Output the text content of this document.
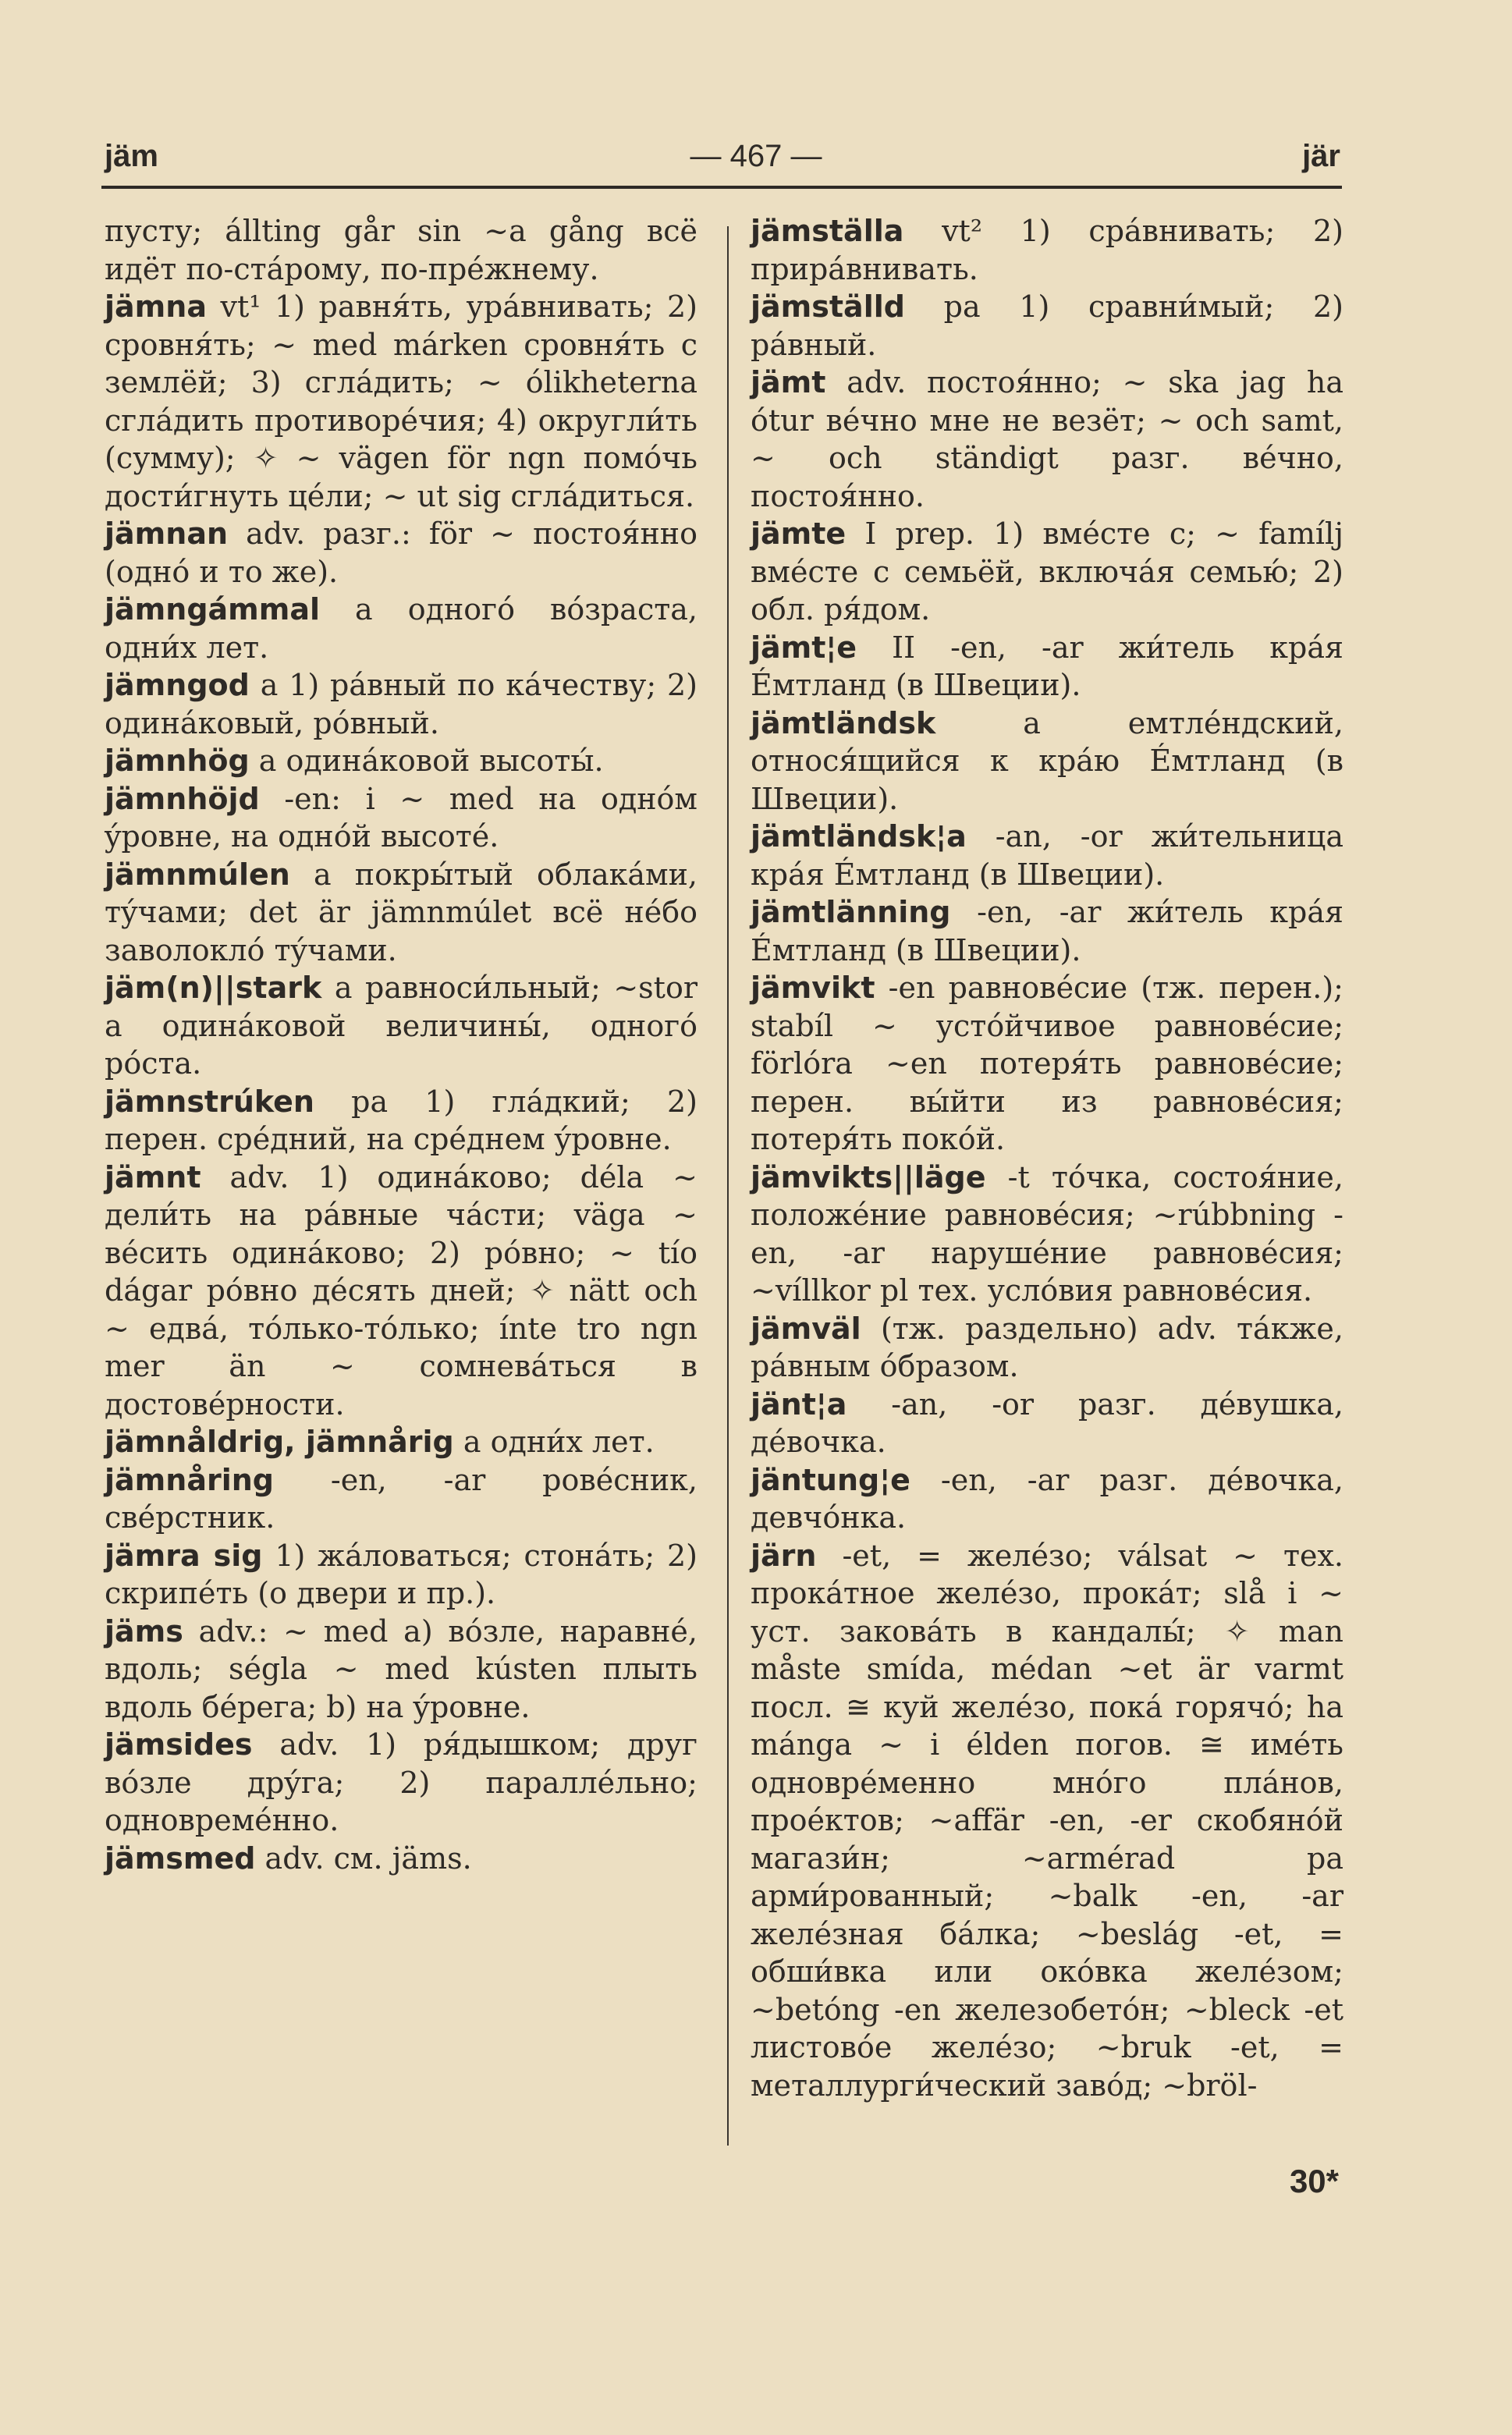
jäm	— 467 —	jär

пусту; állting går sin ~a gång всё идёт по-стáрому, по-прéжнему.

jämna vt¹ 1) равня́ть, урáвнивать; 2) сровня́ть; ~ med márken сровня́ть с землёй; 3) сглáдить; ~ ólikheterna сглáдить противорéчия; 4) округли́ть (сумму); ✧ ~ vägen för ngn помóчь дости́гнуть цéли; ~ ut sig сглáдиться.

jämnan adv. разг.: för ~ постоя́нно (однó и то же).

jämngámmal a одногó вóзраста, одни́х лет.

jämngod a 1) рáвный по кáчеству; 2) одинáковый, рóвный.

jämnhög a одинáковой высоты́.

jämnhöjd -en: i ~ med на однóм ýровне, на однóй высотé.

jämnmúlen a покры́тый облакáми, тýчами; det är jämnmúlet всё нéбо заволоклó тýчами.

jäm(n)||stark a равноси́льный; ~stor a одинáковой величины́, одногó рóста.

jämnstrúken pa 1) глáдкий; 2) перен. срéдний, на срéднем ýровне.

jämnt adv. 1) одинáково; déla ~ дели́ть на рáвные чáсти; väga ~ вéсить одинáково; 2) рóвно; ~ tío dágar рóвно дéсять дней; ✧ nätt och ~ едвá, тóлько-тóлько; ínte tro ngn mer än ~ сомневáться в достовéрности.

jämnåldrig, jämnårig a одни́х лет.

jämnåring -en, -ar ровéсник, свéрстник.

jämra sig 1) жáловаться; стонáть; 2) скрипéть (о двери и пр.).

jäms adv.: ~ med a) вóзле, наравнé, вдоль; ségla ~ med kústen плыть вдоль бéрега; b) на ýровне.

jämsides adv. 1) ря́дышком; друг вóзле дрýга; 2) параллéльно; одновремéнно.

jämsmed adv. см. jäms.

jämställa vt² 1) срáвнивать; 2) прирáвнивать.

jämställd pa 1) сравни́мый; 2) рáвный.

jämt adv. постоя́нно; ~ ska jag ha ótur вéчно мне не везёт; ~ och samt, ~ och ständigt разг. вéчно, постоя́нно.

jämte I prep. 1) вмéсте с; ~ famílj вмéсте с семьёй, включáя семью́; 2) обл. ря́дом.

jämt¦e II -en, -ar жи́тель крáя Éмтланд (в Швеции).

jämtländsk	a емтлéндский, относя́щийся к крáю Éмтланд (в Швеции).

jämtländsk¦a -an, -or жи́тельница крáя Éмтланд (в Швеции).

jämtlänning -en, -ar жи́тель крáя Éмтланд (в Швеции).

jämvikt -en равновéсие (тж. перен.); stabíl ~ устóйчивое равновéсие; förlóra ~en потеря́ть равновéсие; перен. вы́йти из равновéсия; потеря́ть покóй.

jämvikts||läge -t тóчка, состоя́ние, положéние равновéсия; ~rúbbning -en, -ar нарушéние равновéсия; ~víllkor pl тех. услóвия равновéсия.

jämväl (тж. раздельно) adv. тáкже, рáвным óбразом.

jänt¦a -an, -or разг. дéвушка, дéвочка.

jäntung¦e -en, -ar разг. дéвочка, девчóнка.

järn -et, = желéзо; válsat ~ тех. прокáтное желéзо, прокáт; slå i ~ уст. заковáть в кандалы́; ✧ man måste smída, médan ~et är varmt посл. ≅ куй желéзо, покá горячó; ha mánga ~ i élden погов. ≅ имéть одноврéменно мнóго плáнов, проéктов; ~affär -en, -er скобяно́й магази́н; ~armérad pa арми́рованный; ~balk -en, -ar желéзная бáлка; ~beslág -et, = обши́вка или окóвка желéзом; ~betóng -en железобетóн; ~bleck -et листовóе желéзо; ~bruk -et, = металлурги́ческий завóд; ~bröl-

30*
